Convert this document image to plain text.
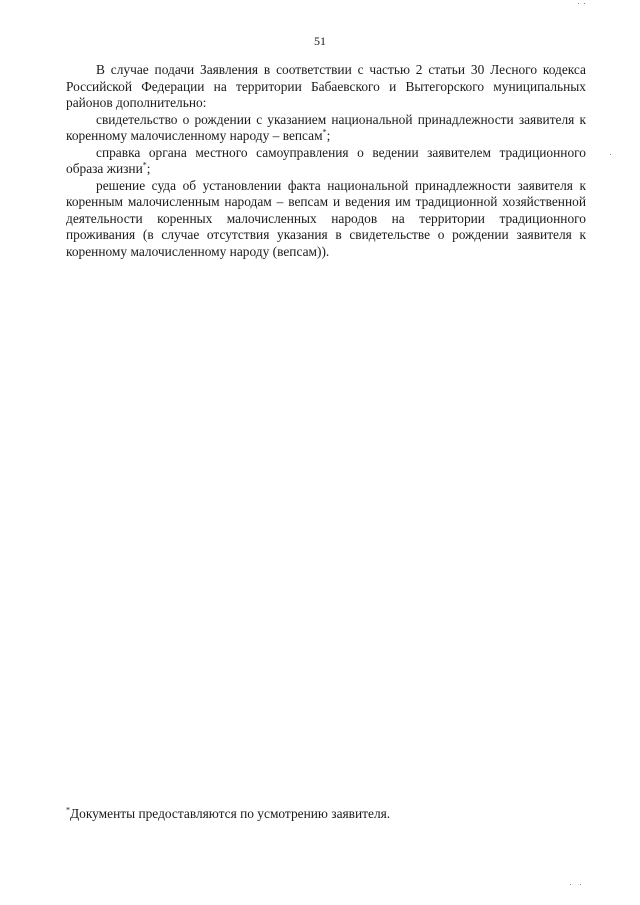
51

В случае подачи Заявления в соответствии с частью 2 статьи 30 Лесного кодекса Российской Федерации на территории Бабаевского и Вытегорского муниципальных районов дополнительно:

свидетельство о рождении с указанием национальной принадлежности заявителя к коренному малочисленному народу – вепсам*;

справка органа местного самоуправления о ведении заявителем традиционного образа жизни*;

решение суда об установлении факта национальной принадлежности заявителя к коренным малочисленным народам – вепсам и ведения им традиционной хозяйственной деятельности коренных малочисленных народов на территории традиционного проживания (в случае отсутствия указания в свидетельстве о рождении заявителя к коренному малочисленному народу (вепсам)).

*Документы предоставляются по усмотрению заявителя.
